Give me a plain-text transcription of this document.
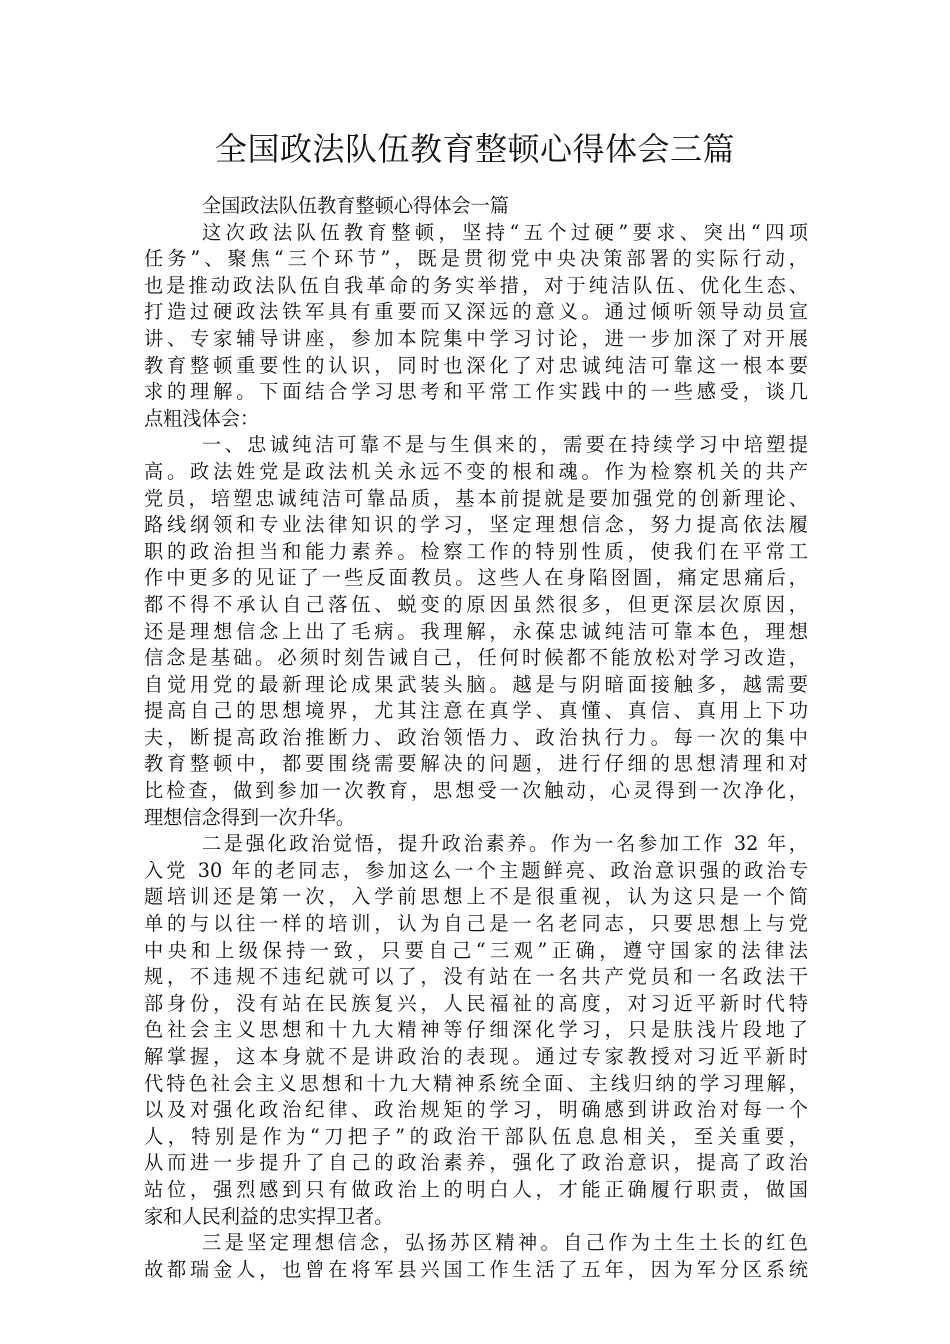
全国政法队伍教育整顿心得体会三篇
全国政法队伍教育整顿心得体会一篇
这次政法队伍教育整顿，坚持“五个过硬”要求、突出“四项
任务”、聚焦“三个环节”，既是贯彻党中央决策部署的实际行动，
也是推动政法队伍自我革命的务实举措，对于纯洁队伍、优化生态、
打造过硬政法铁军具有重要而又深远的意义。通过倾听领导动员宣
讲、专家辅导讲座，参加本院集中学习讨论，进一步加深了对开展
教育整顿重要性的认识，同时也深化了对忠诚纯洁可靠这一根本要
求的理解。下面结合学习思考和平常工作实践中的一些感受，谈几
点粗浅体会：
一、忠诚纯洁可靠不是与生俱来的，需要在持续学习中培塑提
高。政法姓党是政法机关永远不变的根和魂。作为检察机关的共产
党员，培塑忠诚纯洁可靠品质，基本前提就是要加强党的创新理论、
路线纲领和专业法律知识的学习，坚定理想信念，努力提高依法履
职的政治担当和能力素养。检察工作的特别性质，使我们在平常工
作中更多的见证了一些反面教员。这些人在身陷囹圄，痛定思痛后，
都不得不承认自己落伍、蜕变的原因虽然很多，但更深层次原因，
还是理想信念上出了毛病。我理解，永葆忠诚纯洁可靠本色，理想
信念是基础。必须时刻告诫自己，任何时候都不能放松对学习改造，
自觉用党的最新理论成果武装头脑。越是与阴暗面接触多，越需要
提高自己的思想境界，尤其注意在真学、真懂、真信、真用上下功
夫，断提高政治推断力、政治领悟力、政治执行力。每一次的集中
教育整顿中，都要围绕需要解决的问题，进行仔细的思想清理和对
比检查，做到参加一次教育，思想受一次触动，心灵得到一次净化，
理想信念得到一次升华。
二是强化政治觉悟，提升政治素养。作为一名参加工作 32 年，
入党 30 年的老同志，参加这么一个主题鲜亮、政治意识强的政治专
题培训还是第一次，入学前思想上不是很重视，认为这只是一个简
单的与以往一样的培训，认为自己是一名老同志，只要思想上与党
中央和上级保持一致，只要自己“三观”正确，遵守国家的法律法
规，不违规不违纪就可以了，没有站在一名共产党员和一名政法干
部身份，没有站在民族复兴，人民福祉的高度，对习近平新时代特
色社会主义思想和十九大精神等仔细深化学习，只是肤浅片段地了
解掌握，这本身就不是讲政治的表现。通过专家教授对习近平新时
代特色社会主义思想和十九大精神系统全面、主线归纳的学习理解，
以及对强化政治纪律、政治规矩的学习，明确感到讲政治对每一个
人，特别是作为“刀把子”的政治干部队伍息息相关，至关重要，
从而进一步提升了自己的政治素养，强化了政治意识，提高了政治
站位，强烈感到只有做政治上的明白人，才能正确履行职责，做国
家和人民利益的忠实捍卫者。
三是坚定理想信念，弘扬苏区精神。自己作为土生土长的红色
故都瑞金人，也曾在将军县兴国工作生活了五年，因为军分区系统
